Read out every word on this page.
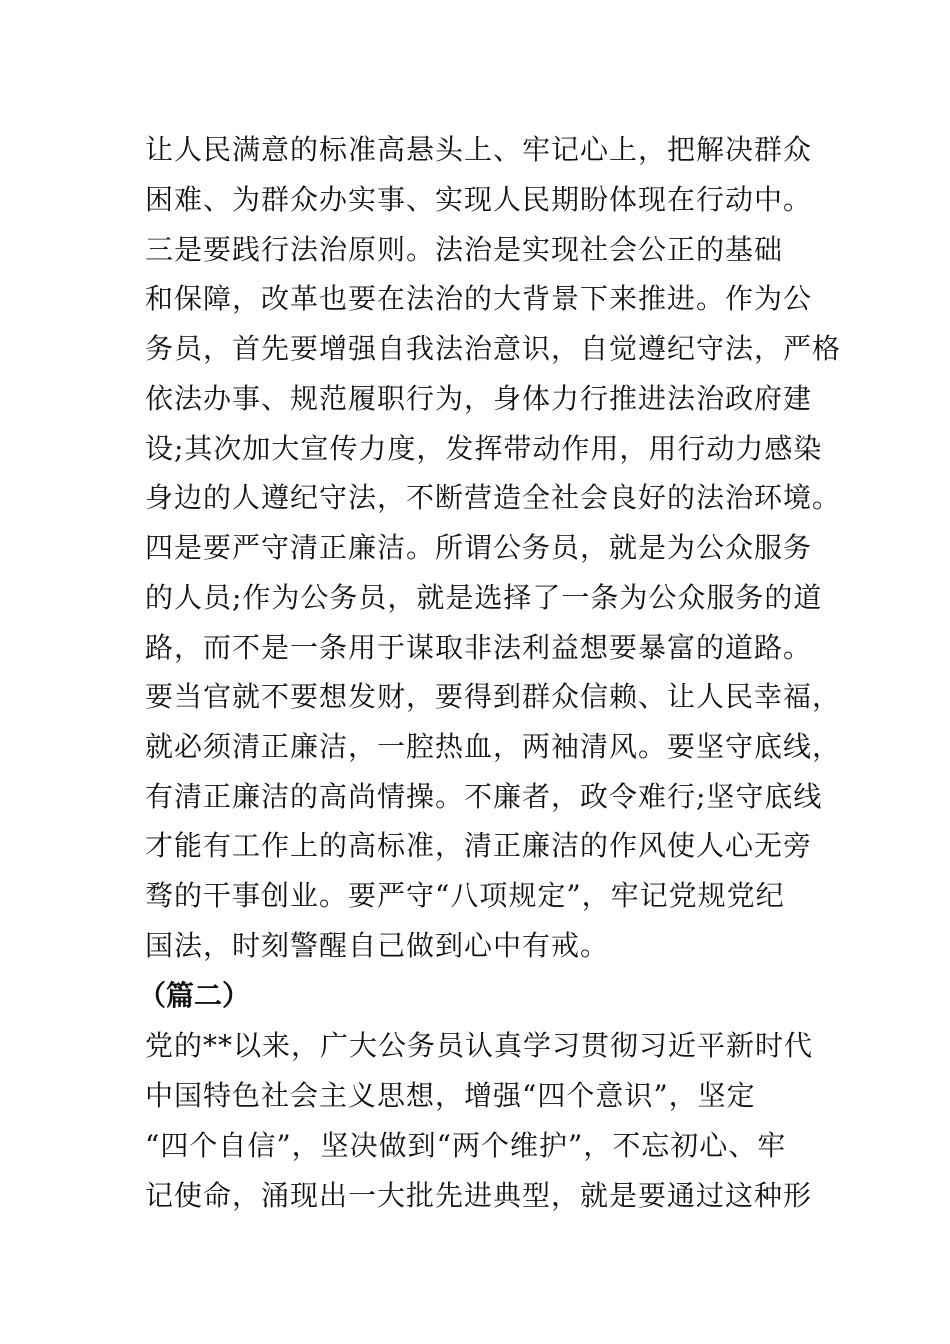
让人民满意的标准高悬头上、牢记心上，把解决群众
困难、为群众办实事、实现人民期盼体现在行动中。
三是要践行法治原则。法治是实现社会公正的基础
和保障，改革也要在法治的大背景下来推进。作为公
务员，首先要增强自我法治意识，自觉遵纪守法，严格
依法办事、规范履职行为，身体力行推进法治政府建
设;其次加大宣传力度，发挥带动作用，用行动力感染
身边的人遵纪守法，不断营造全社会良好的法治环境。
四是要严守清正廉洁。所谓公务员，就是为公众服务
的人员;作为公务员，就是选择了一条为公众服务的道
路，而不是一条用于谋取非法利益想要暴富的道路。
要当官就不要想发财，要得到群众信赖、让人民幸福，
就必须清正廉洁，一腔热血，两袖清风。要坚守底线，
有清正廉洁的高尚情操。不廉者，政令难行;坚守底线
才能有工作上的高标准，清正廉洁的作风使人心无旁
骛的干事创业。要严守“八项规定”，牢记党规党纪
国法，时刻警醒自己做到心中有戒。
（篇二）
党的**以来，广大公务员认真学习贯彻习近平新时代
中国特色社会主义思想，增强“四个意识”，坚定
“四个自信”，坚决做到“两个维护”，不忘初心、牢
记使命，涌现出一大批先进典型，就是要通过这种形
